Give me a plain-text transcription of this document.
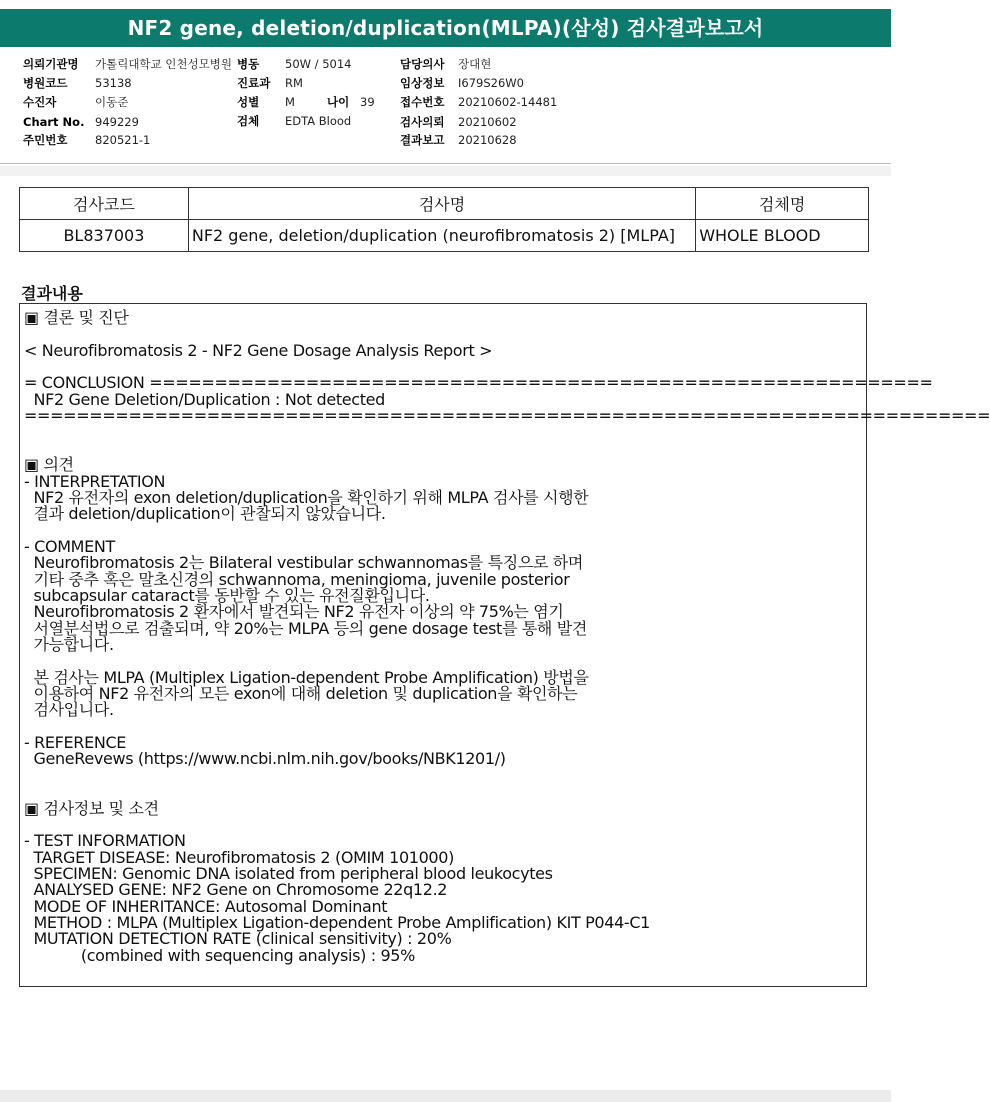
NF2 gene, deletion/duplication(MLPA)(삼성) 검사결과보고서
의뢰기관명 가톨릭대학교 인천성모병원
병원코드 53138
수진자	이동준
Chart No. 949229
주민번호 820521-1
병동 50W / 5014
진료과 RM
성별 M	나이 39
검체 EDTA Blood
담당의사 장대현
임상정보 I679S26W0
접수번호 20210602-14481
검사의뢰 20210602
결과보고 20210628
검사코드	검사명	검체명
BL837003	NF2 gene, deletion/duplication (neurofibromatosis 2) [MLPA]	WHOLE BLOOD
결과내용
▣ 결론 및 진단
< Neurofibromatosis 2 - NF2 Gene Dosage Analysis Report >
= CONCLUSION ============================================================
NF2 Gene Deletion/Duplication : Not detected
==========================================================================
▣ 의견
- INTERPRETATION
NF2 유전자의 exon deletion/duplication을 확인하기 위해 MLPA 검사를 시행한
결과 deletion/duplication이 관찰되지 않았습니다.
- COMMENT
Neurofibromatosis 2는 Bilateral vestibular schwannomas를 특징으로 하며
기타 중추 혹은 말초신경의 schwannoma, meningioma, juvenile posterior
subcapsular cataract를 동반할 수 있는 유전질환입니다.
Neurofibromatosis 2 환자에서 발견되는 NF2 유전자 이상의 약 75%는 염기
서열분석법으로 검출되며, 약 20%는 MLPA 등의 gene dosage test를 통해 발견
가능합니다.
본 검사는 MLPA (Multiplex Ligation-dependent Probe Amplification) 방법을
이용하여 NF2 유전자의 모든 exon에 대해 deletion 및 duplication을 확인하는
검사입니다.
- REFERENCE
GeneRevews (https://www.ncbi.nlm.nih.gov/books/NBK1201/)
▣ 검사정보 및 소견
- TEST INFORMATION
TARGET DISEASE: Neurofibromatosis 2 (OMIM 101000)
SPECIMEN: Genomic DNA isolated from peripheral blood leukocytes
ANALYSED GENE: NF2 Gene on Chromosome 22q12.2
MODE OF INHERITANCE: Autosomal Dominant
METHOD : MLPA (Multiplex Ligation-dependent Probe Amplification) KIT P044-C1
MUTATION DETECTION RATE (clinical sensitivity) : 20%
(combined with sequencing analysis) : 95%
